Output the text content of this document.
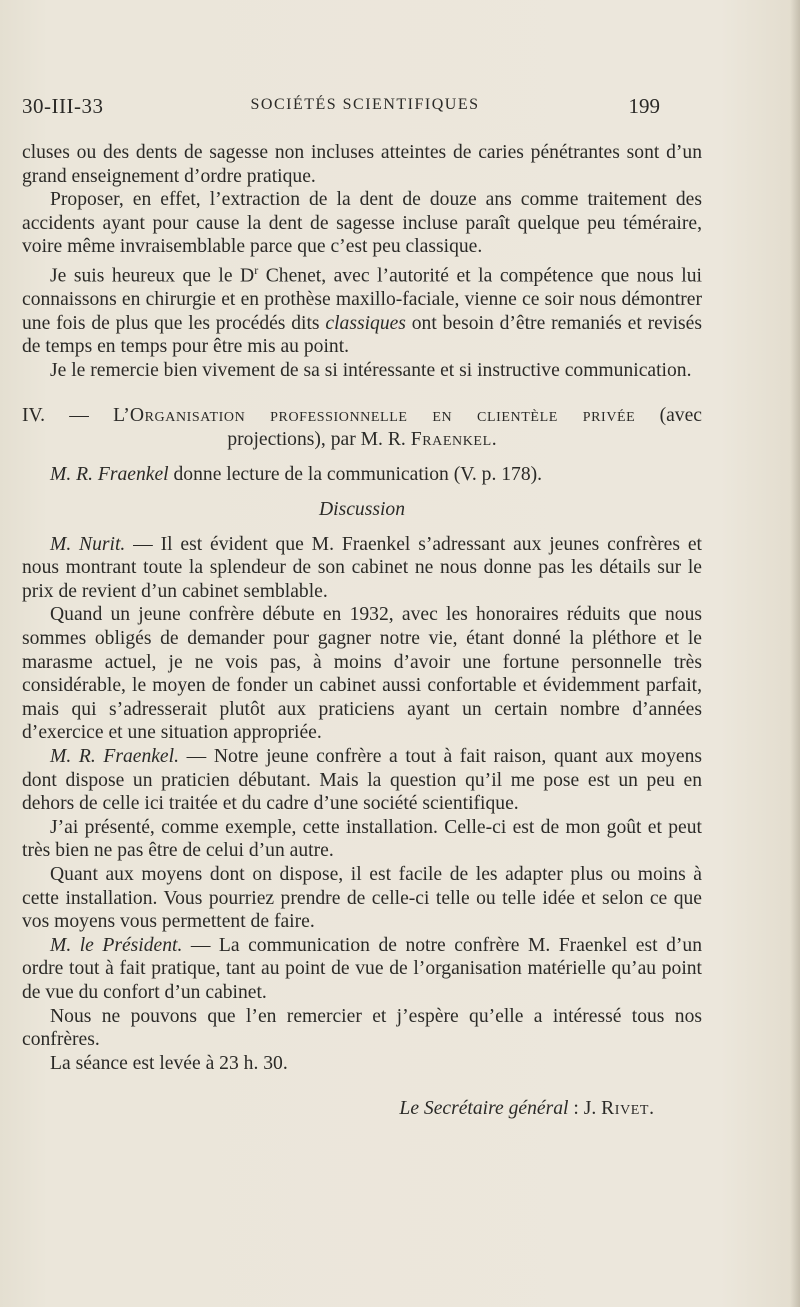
30-III-33	SOCIÉTÉS SCIENTIFIQUES	199

cluses ou des dents de sagesse non incluses atteintes de caries pénétrantes sont d’un grand enseignement d’ordre pratique.

Proposer, en effet, l’extraction de la dent de douze ans comme traitement des accidents ayant pour cause la dent de sagesse incluse paraît quelque peu téméraire, voire même invraisemblable parce que c’est peu classique.

Je suis heureux que le $D^r$ Chenet, avec l’autorité et la compétence que nous lui connaissons en chirurgie et en prothèse maxillo-faciale, vienne ce soir nous démontrer une fois de plus que les procédés dits classiques ont besoin d’être remaniés et revisés de temps en temps pour être mis au point.

Je le remercie bien vivement de sa si intéressante et si instructive communication.

IV. — L’Organisation professionnelle en clientèle privée (avec
projections), par M. R. Fraenkel.

M. R. Fraenkel donne lecture de la communication (V. p. 178).

Discussion

M. Nurit. — Il est évident que M. Fraenkel s’adressant aux jeunes confrères et nous montrant toute la splendeur de son cabinet ne nous donne pas les détails sur le prix de revient d’un cabinet semblable.

Quand un jeune confrère débute en 1932, avec les honoraires réduits que nous sommes obligés de demander pour gagner notre vie, étant donné la pléthore et le marasme actuel, je ne vois pas, à moins d’avoir une fortune personnelle très considérable, le moyen de fonder un cabinet aussi confortable et évidemment parfait, mais qui s’adresserait plutôt aux praticiens ayant un certain nombre d’années d’exercice et une situation appropriée.

M. R. Fraenkel. — Notre jeune confrère a tout à fait raison, quant aux moyens dont dispose un praticien débutant. Mais la question qu’il me pose est un peu en dehors de celle ici traitée et du cadre d’une société scientifique.

J’ai présenté, comme exemple, cette installation. Celle-ci est de mon goût et peut très bien ne pas être de celui d’un autre.

Quant aux moyens dont on dispose, il est facile de les adapter plus ou moins à cette installation. Vous pourriez prendre de celle-ci telle ou telle idée et selon ce que vos moyens vous permettent de faire.

M. le Président. — La communication de notre confrère M. Fraenkel est d’un ordre tout à fait pratique, tant au point de vue de l’organisation matérielle qu’au point de vue du confort d’un cabinet.

Nous ne pouvons que l’en remercier et j’espère qu’elle a intéressé tous nos confrères.

La séance est levée à 23 h. 30.

Le Secrétaire général : J. Rivet.
